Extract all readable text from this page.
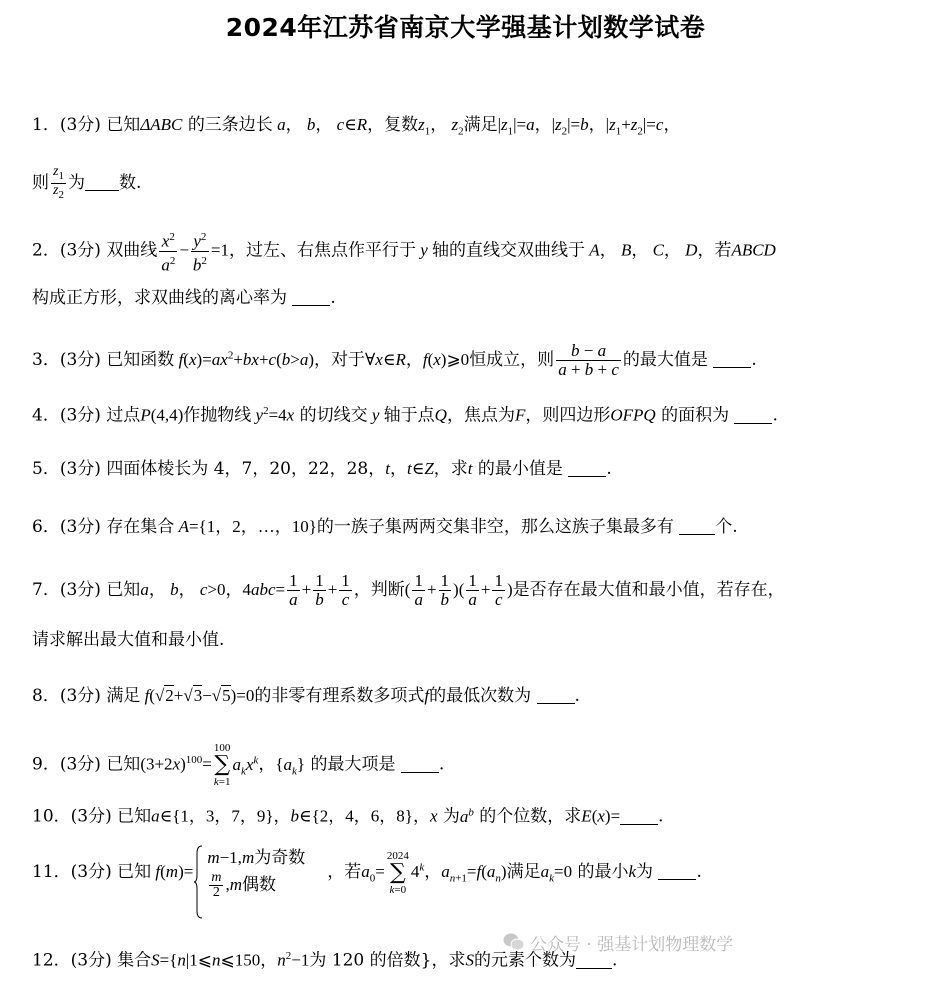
2024年江苏省南京大学强基计划数学试卷
1．(3分) 已知ΔABC 的三条边长 a， b， c∈R，复数$z_1$， $z_2$满足$|z_1|=a$，$|z_2|=b$，$|z_1+z_2|=c$，
则 $\frac{z_1}{z_2}$ 为 数.
2．(3分) 双曲线 $\frac{x^2}{a^2} - \frac{y^2}{b^2} =1$，过左、右焦点作平行于 y 轴的直线交双曲线于 A， B， C， D，若ABCD
构成正方形，求双曲线的离心率为	.
3．(3分) 已知函数 $f(x)=ax^2+bx+c(b>a)$，对于∀x∈R，f(x)⩾0恒成立，则 $\frac{b - a}{a + b + c}$ 的最大值是	.
4．(3分) 过点P(4,4)作抛物线 $y^2=4x$ 的切线交 y 轴于点Q，焦点为F，则四边形OFPQ 的面积为	.
5．(3分) 四面体棱长为 4，7，20，22，28，t，t∈Z，求t 的最小值是	.
6．(3分) 存在集合 A={1，2，…，10}的一族子集两两交集非空，那么这族子集最多有 个.
7．(3分) 已知a， b， c>0，$4abc= \frac{1}{a} + \frac{1}{b} + \frac{1}{c}$ ，判断( $\frac{1}{a} + \frac{1}{b}$ )( $\frac{1}{a} + \frac{1}{c}$ )是否存在最大值和最小值，若存在，
请求解出最大值和最小值.
8．(3分) 满足 f(√2+√3−√5)=0的非零有理系数多项式f的最低次数为	.
9．(3分) 已知$(3+2x)^{100}=$
100
∑
k=1
$a_kx^k$，$\{a_k\}$ 的最大项是	.
10．(3分) 已知a∈{1，3，7，9}，b∈{2，4，6，8}，x 为$a^b$ 的个位数，求E(x)= .
11．(3分) 已知 f(m)=
m−1,m为奇数
$\frac{m}{2} ,m$偶数
，若$a_0=$
2024
∑
k=0
4$^k$，$a_{n+1}=f(a_n)$满足$a_k=0$ 的最小k为	.
12．(3分) 集合S={n|1⩽n⩽150，$n^2-1$为 120 的倍数}，求S的元素个数为 .
公众号 · 强基计划物理数学
